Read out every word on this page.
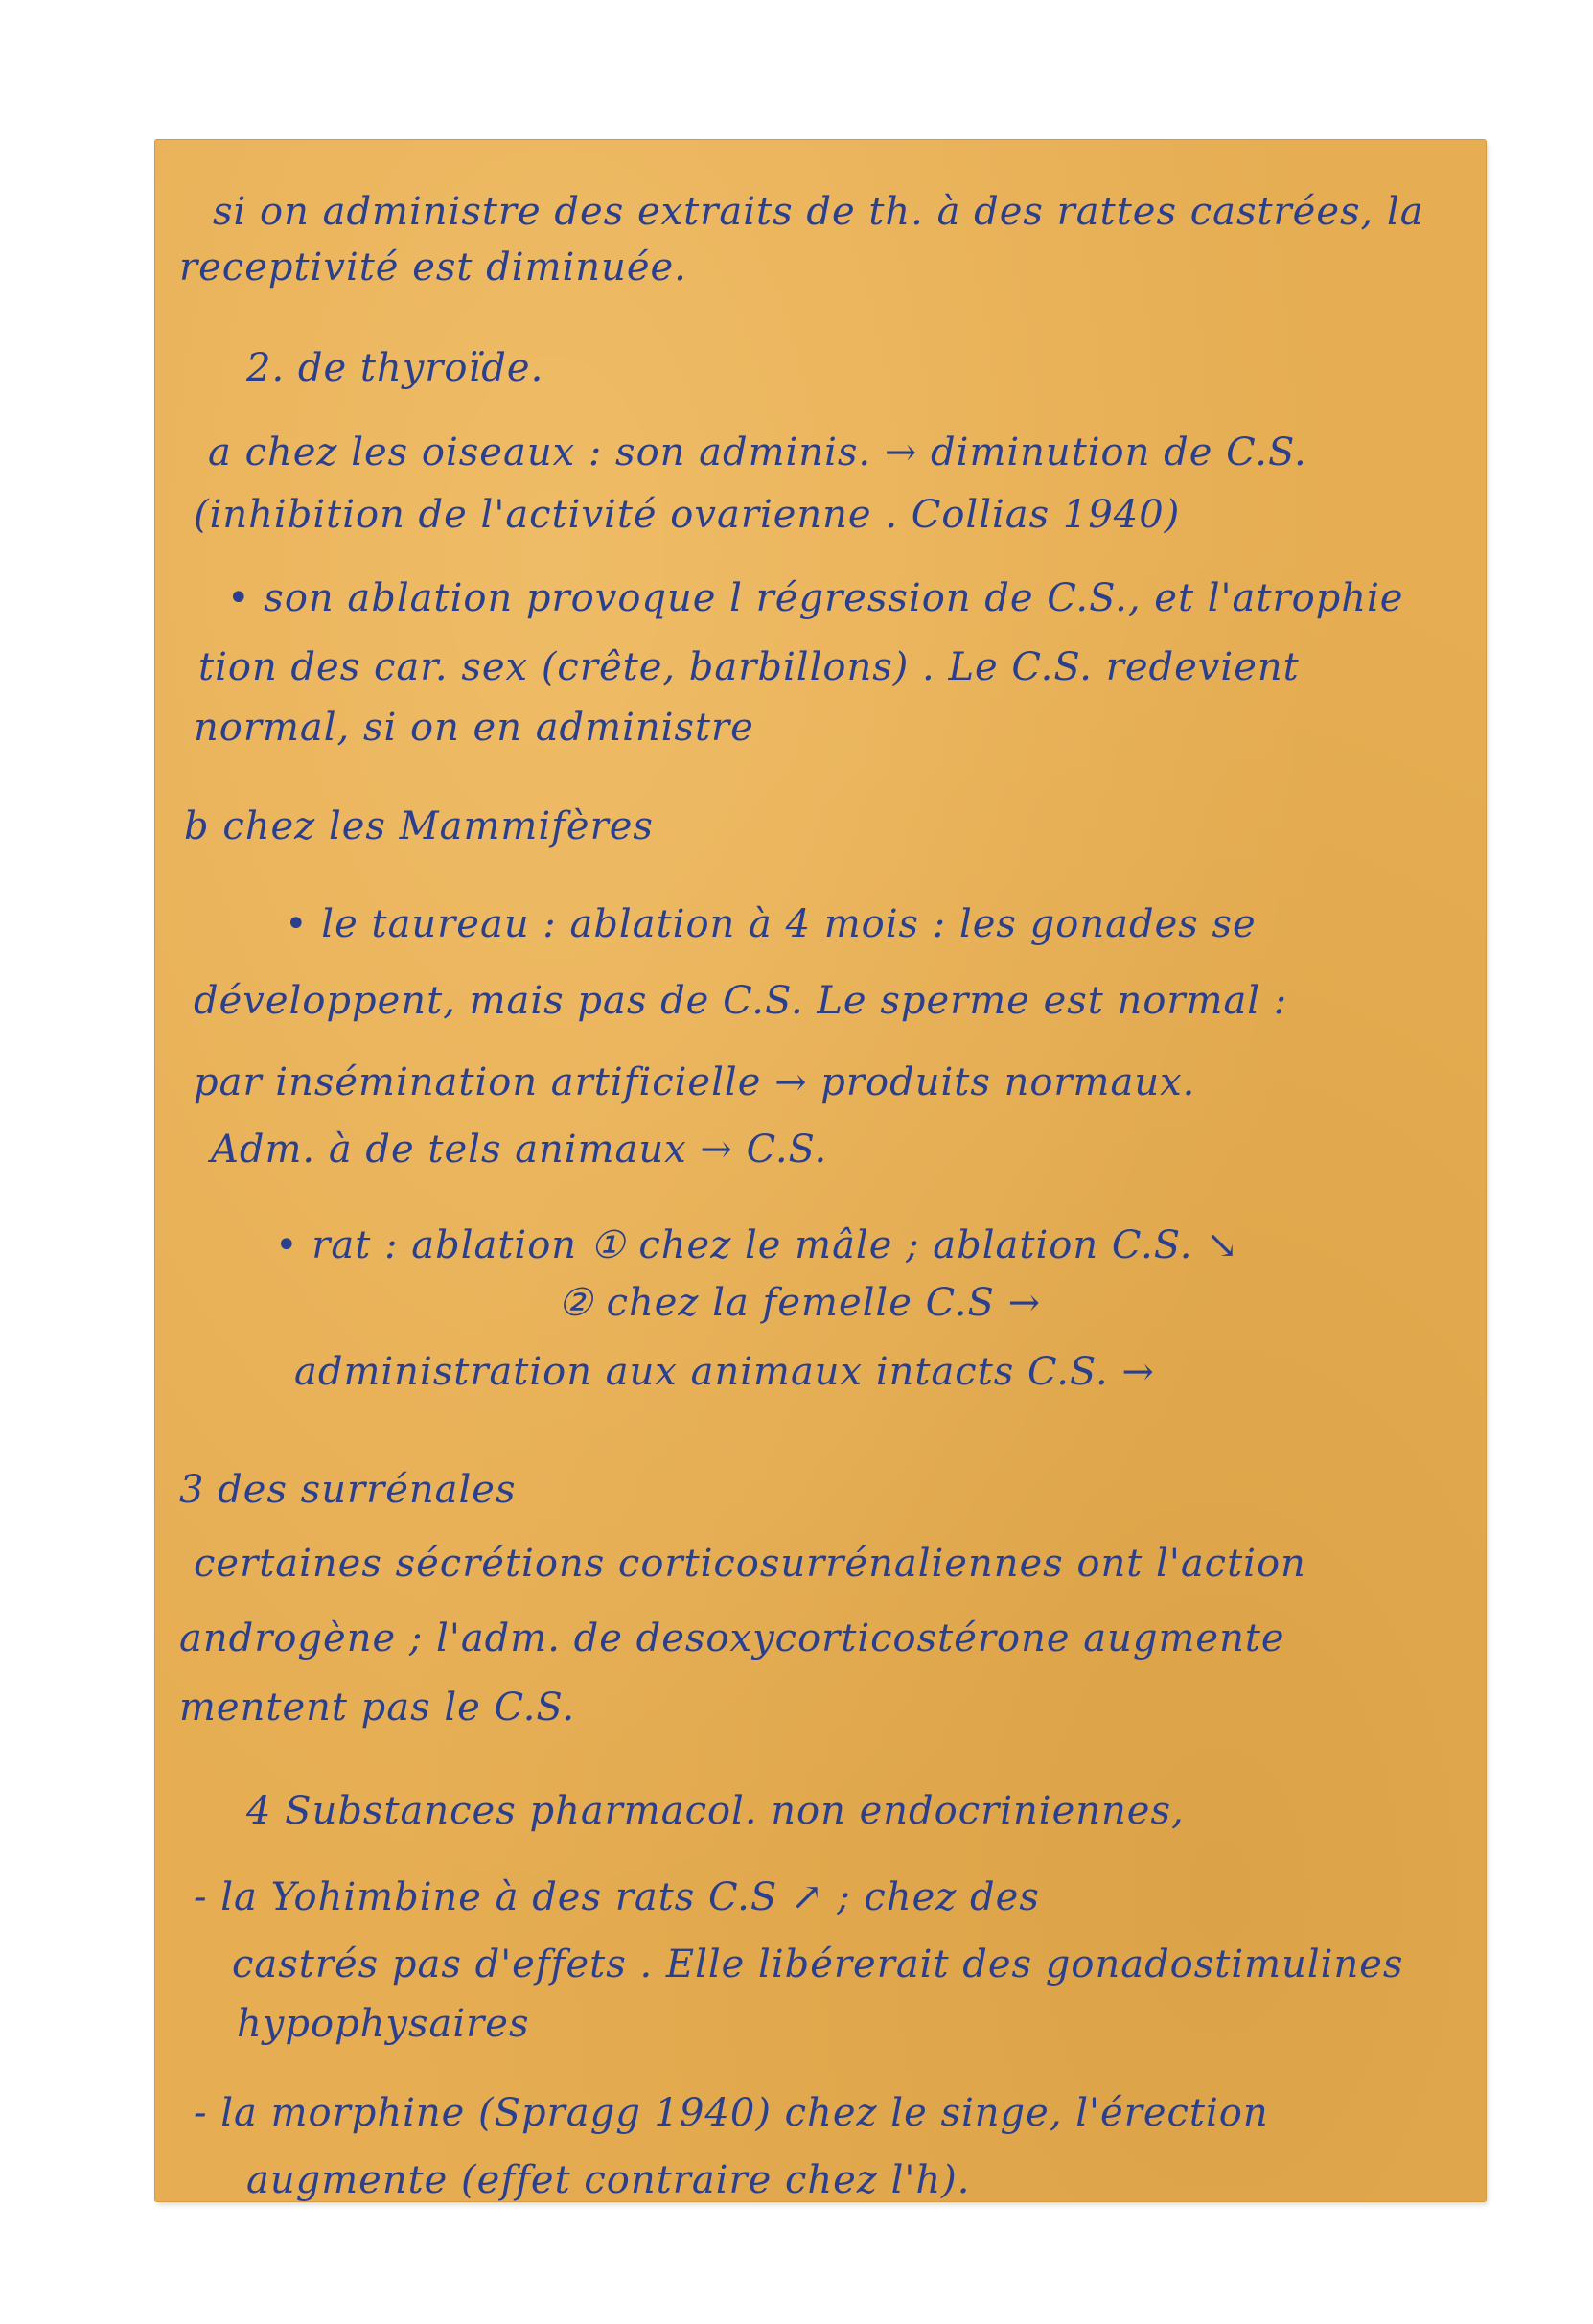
si on administre des extraits de th. à des rattes castrées, la
receptivité est diminuée.
2. de thyroïde.
a chez les oiseaux : son adminis. → diminution de C.S.
(inhibition de l'activité ovarienne . Collias 1940)
• son ablation provoque l régression de C.S., et l'atrophie
tion des car. sex (crête, barbillons) . Le C.S. redevient
normal, si on en administre
b chez les Mammifères
• le taureau : ablation à 4 mois : les gonades se
développent, mais pas de C.S. Le sperme est normal :
par insémination artificielle → produits normaux.
Adm. à de tels animaux → C.S.
• rat : ablation ① chez le mâle ; ablation C.S. ↘
② chez la femelle C.S →
administration aux animaux intacts C.S. →
3 des surrénales
certaines sécrétions corticosurrénaliennes ont l'action
androgène ; l'adm. de desoxycorticostérone augmente
mentent pas le C.S.
4 Substances pharmacol. non endocriniennes,
- la Yohimbine à des rats C.S ↗ ; chez des
castrés pas d'effets . Elle libérerait des gonadostimulines
hypophysaires
- la morphine (Spragg 1940) chez le singe, l'érection
augmente (effet contraire chez l'h).
